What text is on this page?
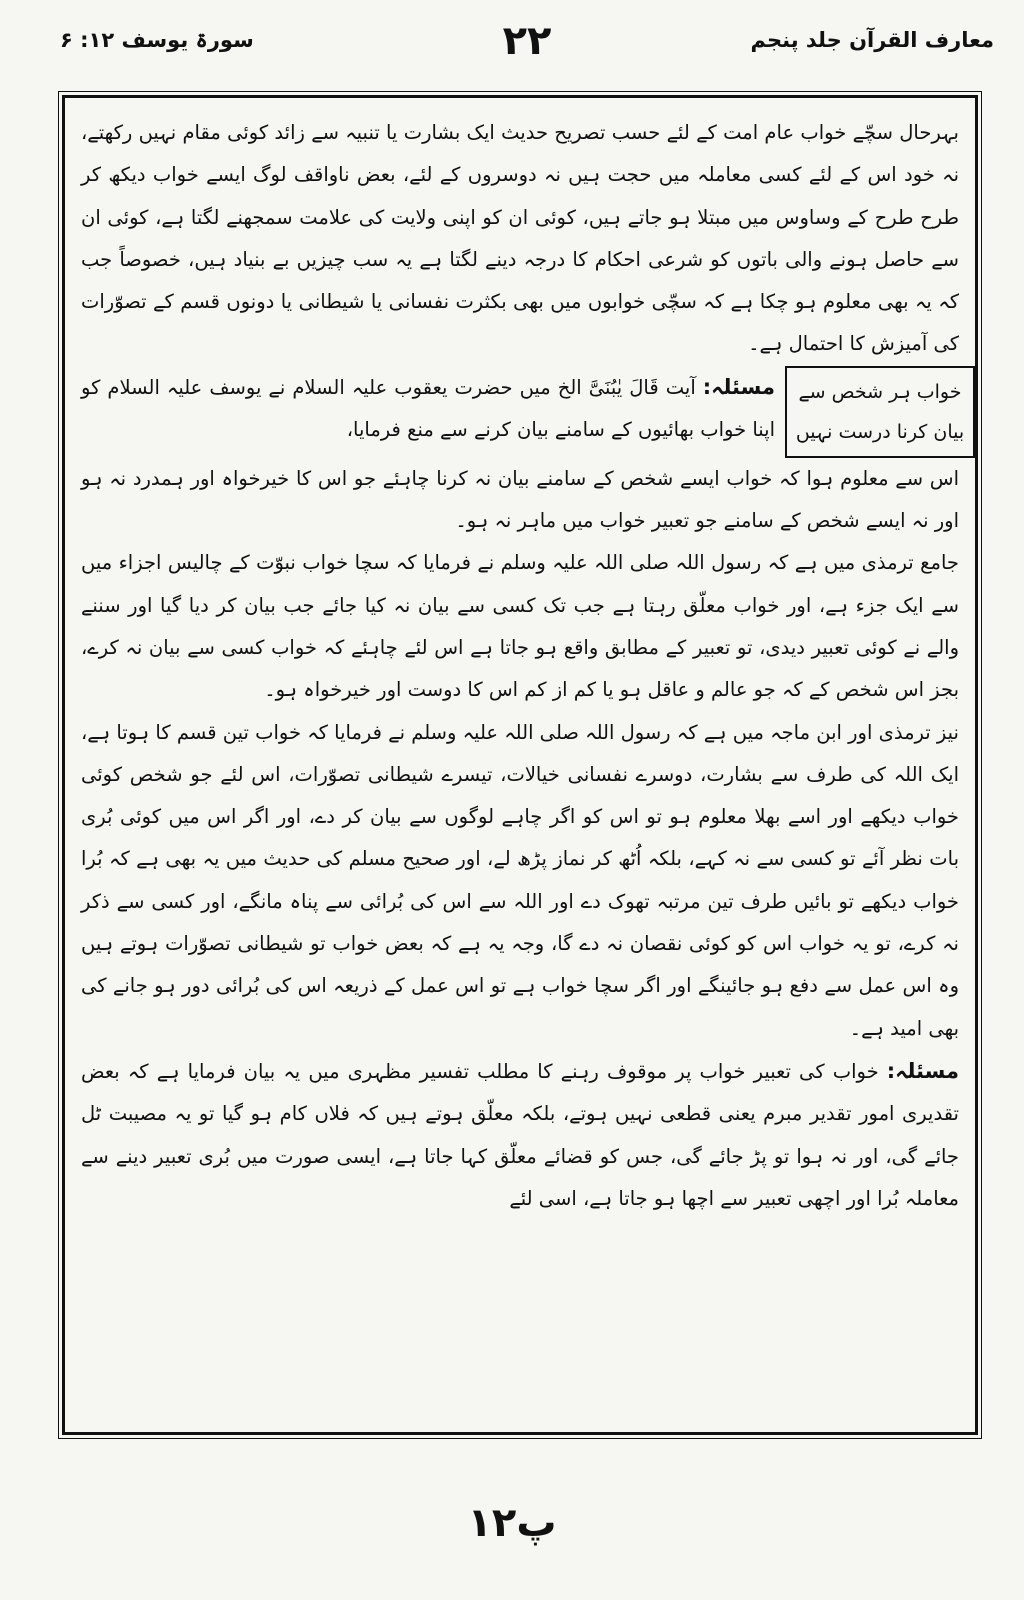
معارف القرآن جلد پنجم
۲۲
سورۃ یوسف ۱۲: ۶

بہرحال سچّے خواب عام امت کے لئے حسب تصریح حدیث ایک بشارت یا تنبیہ سے زائد کوئی مقام نہیں رکھتے، نہ خود اس کے لئے کسی معاملہ میں حجت ہیں نہ دوسروں کے لئے، بعض ناواقف لوگ ایسے خواب دیکھ کر طرح طرح کے وساوس میں مبتلا ہو جاتے ہیں، کوئی ان کو اپنی ولایت کی علامت سمجھنے لگتا ہے، کوئی ان سے حاصل ہونے والی باتوں کو شرعی احکام کا درجہ دینے لگتا ہے یہ سب چیزیں بے بنیاد ہیں، خصوصاً جب کہ یہ بھی معلوم ہو چکا ہے کہ سچّی خوابوں میں بھی بکثرت نفسانی یا شیطانی یا دونوں قسم کے تصوّرات کی آمیزش کا احتمال ہے۔

خواب ہر شخص سے بیان کرنا درست نہیں

مسئلہ: آیت قَالَ یٰبُنَیَّ الخ میں حضرت یعقوب علیہ السلام نے یوسف علیہ السلام کو اپنا خواب بھائیوں کے سامنے بیان کرنے سے منع فرمایا،

اس سے معلوم ہوا کہ خواب ایسے شخص کے سامنے بیان نہ کرنا چاہئے جو اس کا خیرخواہ اور ہمدرد نہ ہو اور نہ ایسے شخص کے سامنے جو تعبیر خواب میں ماہر نہ ہو۔

جامع ترمذی میں ہے کہ رسول اللہ صلی اللہ علیہ وسلم نے فرمایا کہ سچا خواب نبوّت کے چالیس اجزاء میں سے ایک جزء ہے، اور خواب معلّق رہتا ہے جب تک کسی سے بیان نہ کیا جائے جب بیان کر دیا گیا اور سننے والے نے کوئی تعبیر دیدی، تو تعبیر کے مطابق واقع ہو جاتا ہے اس لئے چاہئے کہ خواب کسی سے بیان نہ کرے، بجز اس شخص کے کہ جو عالم و عاقل ہو یا کم از کم اس کا دوست اور خیرخواہ ہو۔

نیز ترمذی اور ابن ماجہ میں ہے کہ رسول اللہ صلی اللہ علیہ وسلم نے فرمایا کہ خواب تین قسم کا ہوتا ہے، ایک اللہ کی طرف سے بشارت، دوسرے نفسانی خیالات، تیسرے شیطانی تصوّرات، اس لئے جو شخص کوئی خواب دیکھے اور اسے بھلا معلوم ہو تو اس کو اگر چاہے لوگوں سے بیان کر دے، اور اگر اس میں کوئی بُری بات نظر آئے تو کسی سے نہ کہے، بلکہ اُٹھ کر نماز پڑھ لے، اور صحیح مسلم کی حدیث میں یہ بھی ہے کہ بُرا خواب دیکھے تو بائیں طرف تین مرتبہ تھوک دے اور اللہ سے اس کی بُرائی سے پناہ مانگے، اور کسی سے ذکر نہ کرے، تو یہ خواب اس کو کوئی نقصان نہ دے گا، وجہ یہ ہے کہ بعض خواب تو شیطانی تصوّرات ہوتے ہیں وہ اس عمل سے دفع ہو جائینگے اور اگر سچا خواب ہے تو اس عمل کے ذریعہ اس کی بُرائی دور ہو جانے کی بھی امید ہے۔

مسئلہ: خواب کی تعبیر خواب پر موقوف رہنے کا مطلب تفسیر مظہری میں یہ بیان فرمایا ہے کہ بعض تقدیری امور تقدیر مبرم یعنی قطعی نہیں ہوتے، بلکہ معلّق ہوتے ہیں کہ فلاں کام ہو گیا تو یہ مصیبت ٹل جائے گی، اور نہ ہوا تو پڑ جائے گی، جس کو قضائے معلّق کہا جاتا ہے، ایسی صورت میں بُری تعبیر دینے سے معاملہ بُرا اور اچھی تعبیر سے اچھا ہو جاتا ہے، اسی لئے

۱۲پ
